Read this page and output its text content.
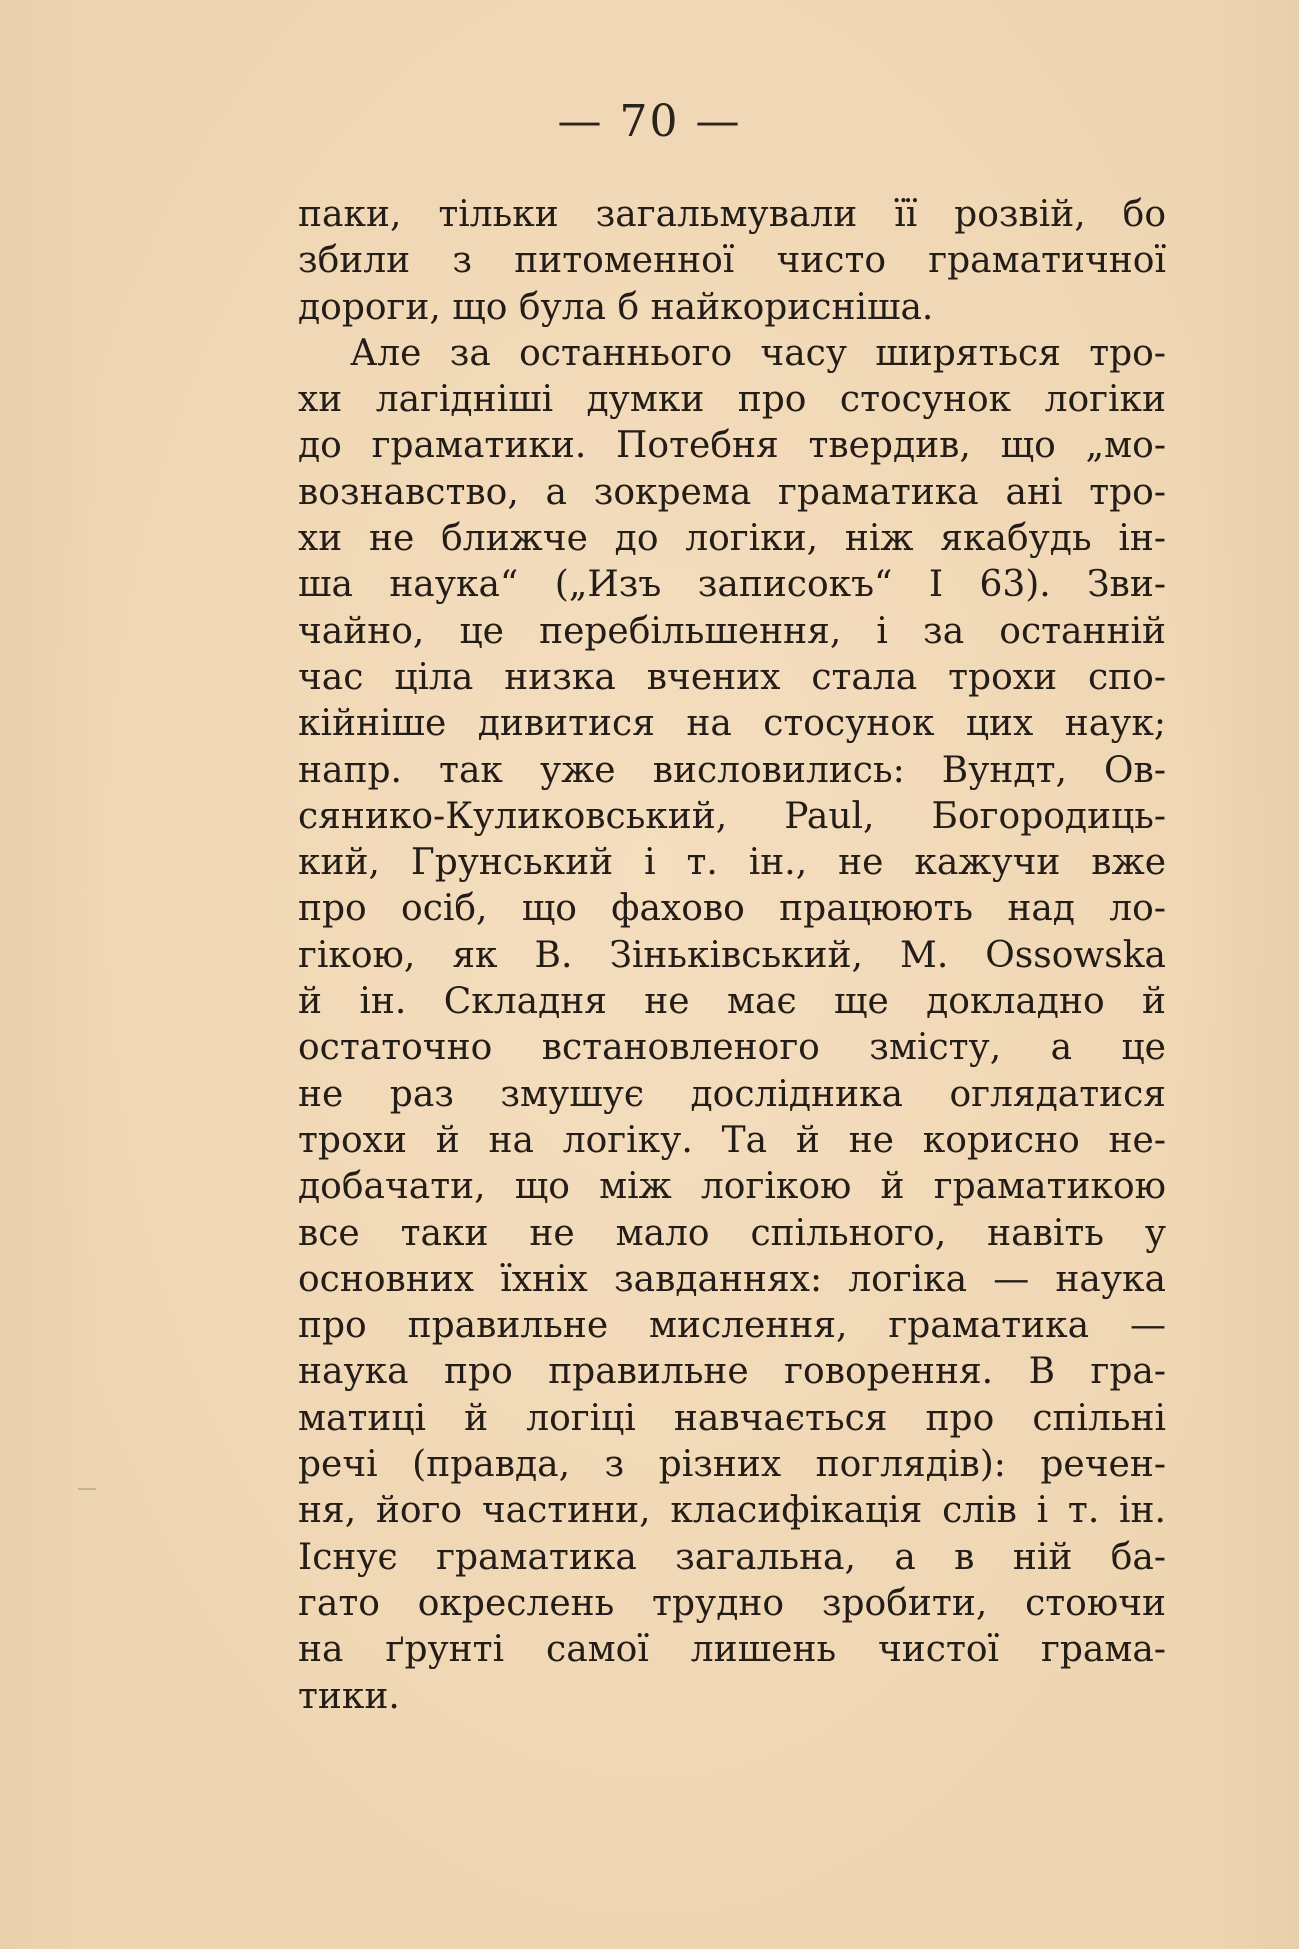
— 70 —
паки, тільки загальмували її розвій, бо
збили з питоменної чисто граматичної
дороги, що була б найкорисніша.
Але за останнього часу ширяться тро-
хи лагідніші думки про стосунок логіки
до граматики. Потебня твердив, що „мо-
вознавство, а зокрема граматика ані тро-
хи не ближче до логіки, ніж якабудь ін-
ша наука“ („Изъ записокъ“ І 63). Зви-
чайно, це перебільшення, і за останній
час ціла низка вчених стала трохи спо-
кійніше дивитися на стосунок цих наук;
напр. так уже висловились: Вундт, Ов-
сянико-Куликовський, Paul, Богородиць-
кий, Грунський і т. ін., не кажучи вже
про осіб, що фахово працюють над ло-
гікою, як В. Зіньківський, М. Ossowska
й ін. Складня не має ще докладно й
остаточно встановленого змісту, а це
не раз змушує дослідника оглядатися
трохи й на логіку. Та й не корисно не-
добачати, що між логікою й граматикою
все таки не мало спільного, навіть у
основних їхніх завданнях: логіка — наука
про правильне мислення, граматика —
наука про правильне говорення. В гра-
матиці й логіці навчається про спільні
речі (правда, з різних поглядів): речен-
ня, його частини, класифікація слів і т. ін.
Існує граматика загальна, а в ній ба-
гато окреслень трудно зробити, стоючи
на ґрунті самої лишень чистої грама-
тики.
